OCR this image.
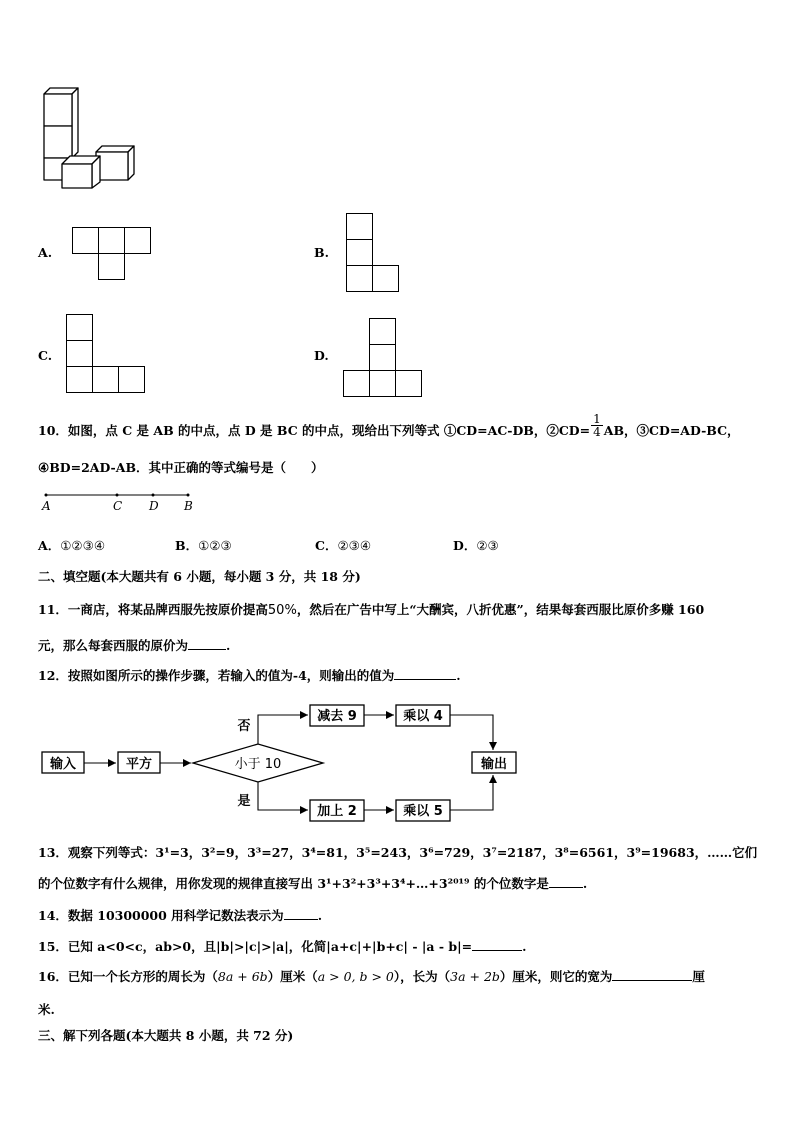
A.	B.
C.	D.
10．如图，点 C 是 AB 的中点，点 D 是 BC 的中点，现给出下列等式 ①CD=AC-DB，②CD= $\frac{1}{4}$ AB，③CD=AD-BC，
④BD=2AD-AB．其中正确的等式编号是（　　）
A	C D B
A．①②③④	B．①②③	C．②③④	D．②③
二、填空题(本大题共有 6 小题，每小题 3 分，共 18 分)
11．一商店，将某品牌西服先按原价提高50%，然后在广告中写上“大酬宾，八折优惠”，结果每套西服比原价多赚 160
元，那么每套西服的原价为	.
12．按照如图所示的操作步骤，若输入的值为-4，则输出的值为	.
输入	平方	小于 10
减去 9	乘以 4
加上 2	乘以 5
输出
否
是
13．观察下列等式：3¹=3，3²=9，3³=27，3⁴=81，3⁵=243，3⁶=729，3⁷=2187，3⁸=6561，3⁹=19683，……它们
的个位数字有什么规律，用你发现的规律直接写出 3¹+3²+3³+3⁴+…+3²⁰¹⁹ 的个位数字是	.
14．数据 10300000 用科学记数法表示为	.
15．已知 a<0<c，ab>0，且|b|>|c|>|a|，化简|a+c|+|b+c| - |a - b|=	.
16．已知一个长方形的周长为（8a + 6b）厘米（a > 0, b > 0），长为（3a + 2b）厘米，则它的宽为	厘
米.
三、解下列各题(本大题共 8 小题，共 72 分)
